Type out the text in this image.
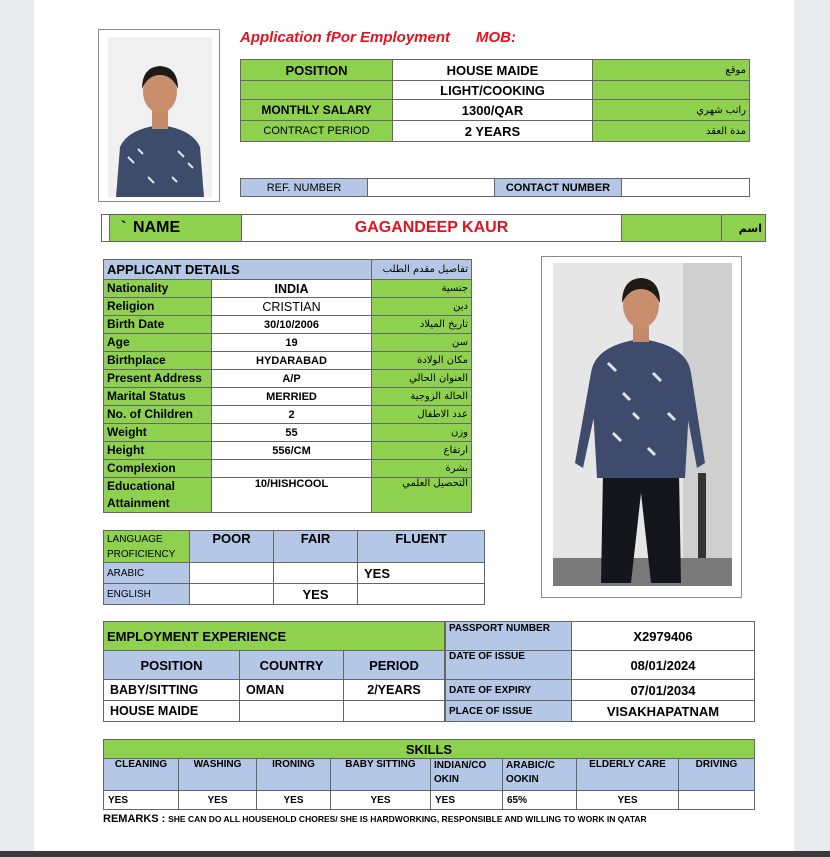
Application fPor Employment MOB:
POSITION	HOUSE MAIDE	موقع
	LIGHT/COOKING	
MONTHLY SALARY	1300/QAR	راتب شهري
CONTRACT PERIOD	2 YEARS	مدة العقد
REF. NUMBER		CONTACT NUMBER	
	` NAME	GAGANDEEP KAUR		اسم
APPLICANT DETAILS		تفاصيل مقدم الطلب
Nationality	INDIA	جنسية
Religion	CRISTIAN	دين
Birth Date	30/10/2006	تاريخ الميلاد
Age	19	سن
Birthplace	HYDARABAD	مكان الولادة
Present Address	A/P	العنوان الحالي
Marital Status	MERRIED	الحالة الزوجية
No. of Children	2	عدد الاطفال
Weight	55	وزن
Height	556/CM	ارتفاع
Complexion		بشرة
Educational Attainment	10/HISHCOOL	التحصيل العلمي
LANGUAGE PROFICIENCY	POOR	FAIR	FLUENT
ARABIC			YES
ENGLISH		YES	
EMPLOYMENT EXPERIENCE		
POSITION	COUNTRY	PERIOD
BABY/SITTING	OMAN	2/YEARS
HOUSE MAIDE		
PASSPORT NUMBER	X2979406
DATE OF ISSUE	08/01/2024
DATE OF EXPIRY	07/01/2034
PLACE OF ISSUE	VISAKHAPATNAM
SKILLS							
CLEANING	WASHING	IRONING	BABY SITTING	INDIAN/CO OKIN	ARABIC/C OOKIN	ELDERLY CARE	DRIVING
YES	YES	YES	YES	YES	65%	YES	
REMARKS : SHE CAN DO ALL HOUSEHOLD CHORES/ SHE IS HARDWORKING, RESPONSIBLE AND WILLING TO WORK IN QATAR
